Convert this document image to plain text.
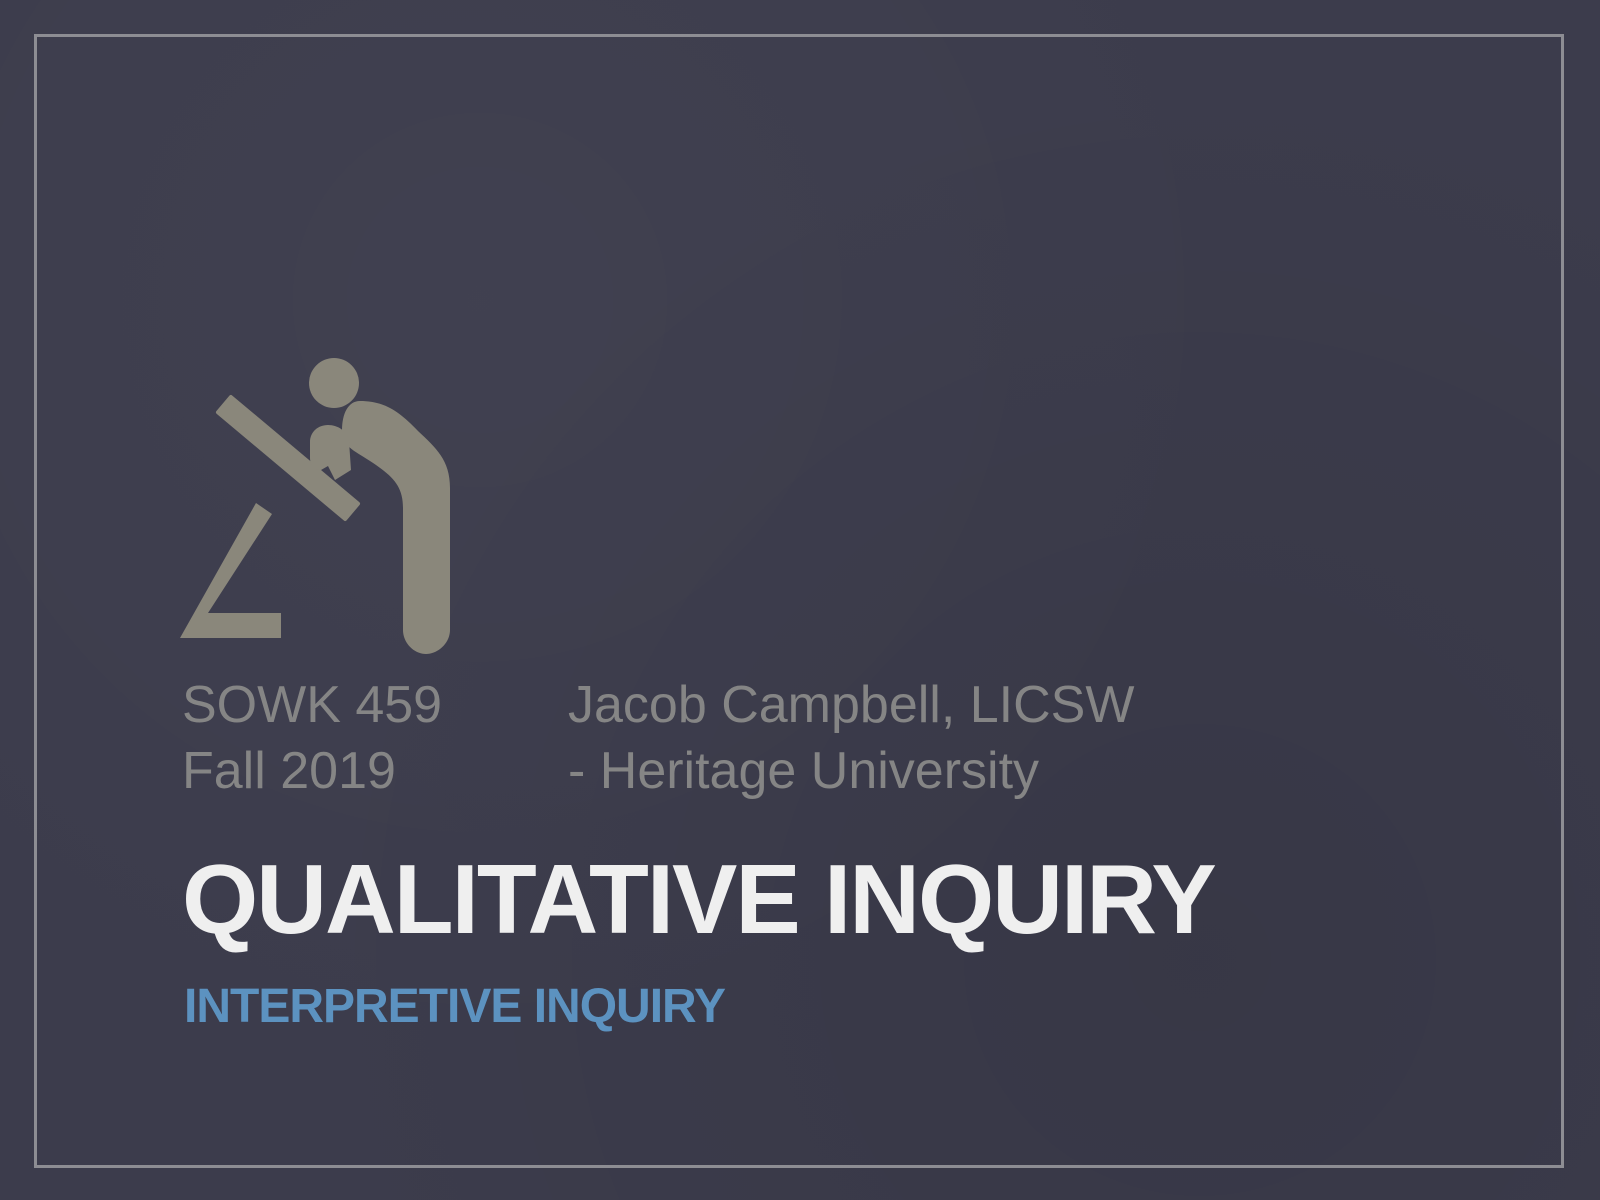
SOWK 459
Fall 2019
Jacob Campbell, LICSW
- Heritage University
QUALITATIVE INQUIRY
INTERPRETIVE INQUIRY
